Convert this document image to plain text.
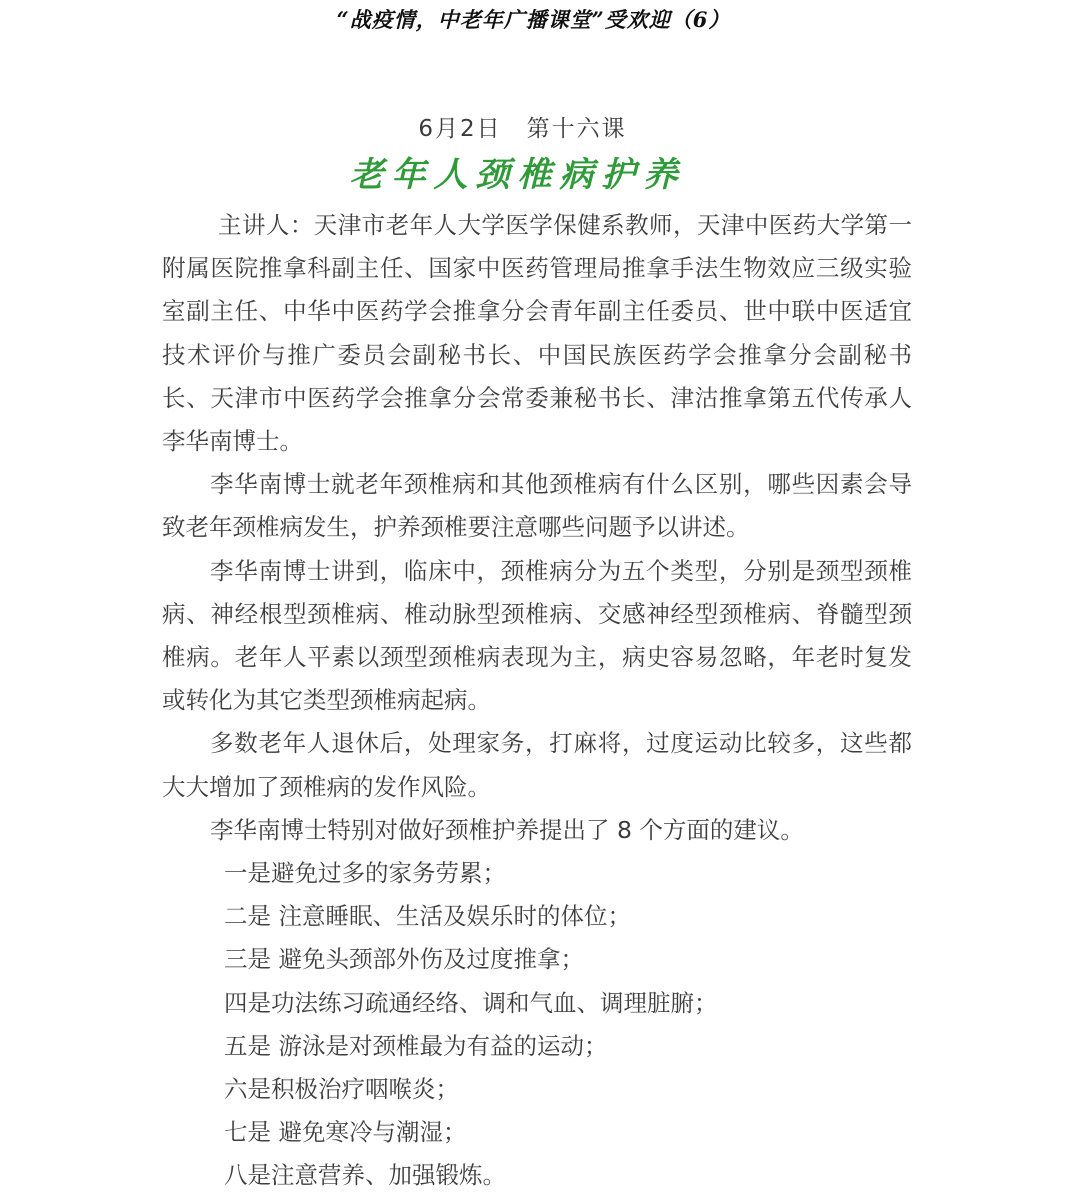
“战疫情，中老年广播课堂”受欢迎（6）
6月2日　第十六课
老年人颈椎病护养

主讲人：天津市老年人大学医学保健系教师，天津中医药大学第一附属医院推拿科副主任、国家中医药管理局推拿手法生物效应三级实验室副主任、中华中医药学会推拿分会青年副主任委员、世中联中医适宜技术评价与推广委员会副秘书长、中国民族医药学会推拿分会副秘书长、天津市中医药学会推拿分会常委兼秘书长、津沽推拿第五代传承人李华南博士。

李华南博士就老年颈椎病和其他颈椎病有什么区别，哪些因素会导致老年颈椎病发生，护养颈椎要注意哪些问题予以讲述。

李华南博士讲到，临床中，颈椎病分为五个类型，分别是颈型颈椎病、神经根型颈椎病、椎动脉型颈椎病、交感神经型颈椎病、脊髓型颈椎病。老年人平素以颈型颈椎病表现为主，病史容易忽略，年老时复发或转化为其它类型颈椎病起病。

多数老年人退休后，处理家务，打麻将，过度运动比较多，这些都大大增加了颈椎病的发作风险。

李华南博士特别对做好颈椎护养提出了 8 个方面的建议。

一是避免过多的家务劳累；
二是 注意睡眠、生活及娱乐时的体位；
三是 避免头颈部外伤及过度推拿；
四是功法练习疏通经络、调和气血、调理脏腑；
五是 游泳是对颈椎最为有益的运动；
六是积极治疗咽喉炎；
七是 避免寒冷与潮湿；
八是注意营养、加强锻炼。
